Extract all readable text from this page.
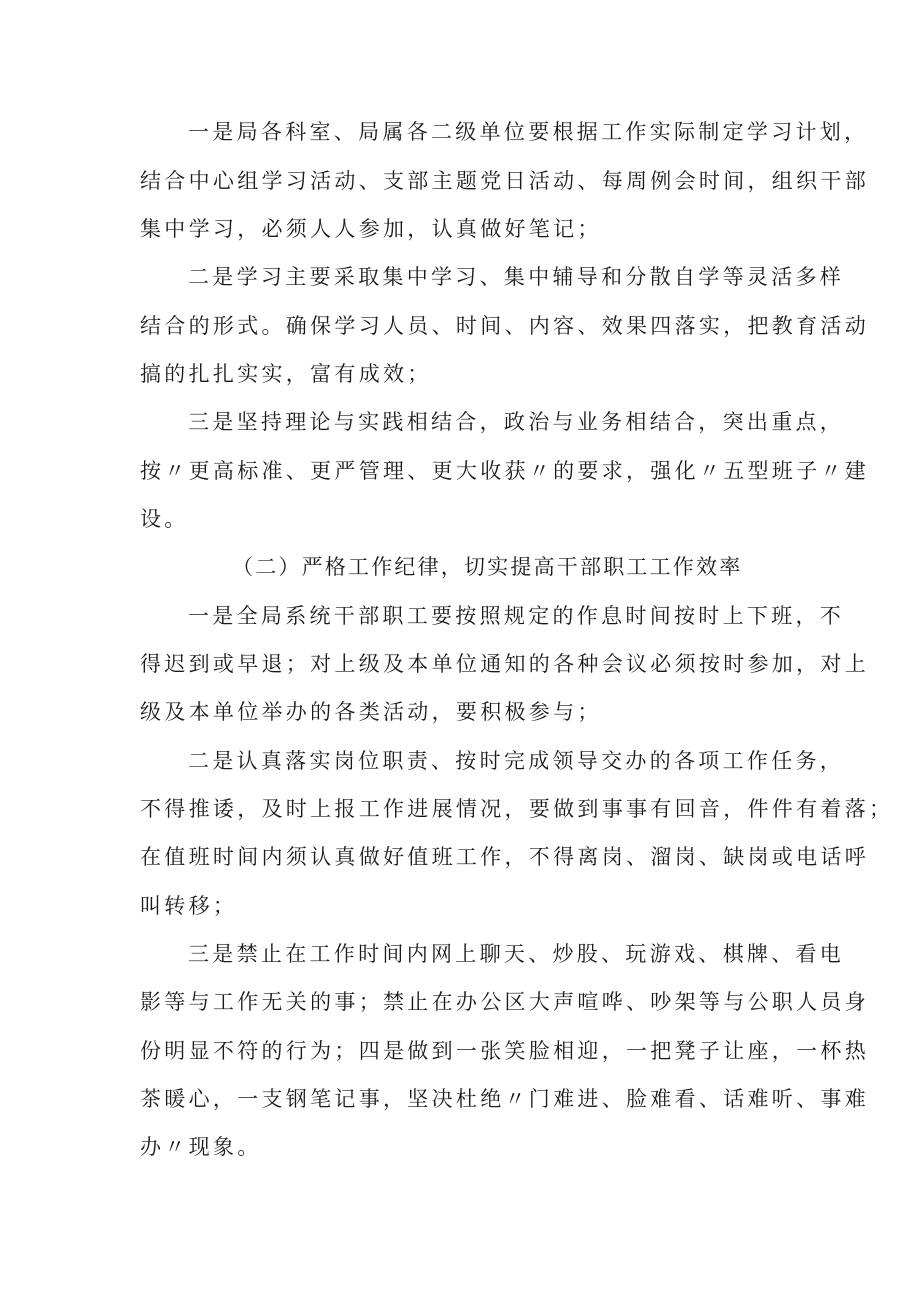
一是局各科室、局属各二级单位要根据工作实际制定学习计划，
结合中心组学习活动、支部主题党日活动、每周例会时间，组织干部
集中学习，必须人人参加，认真做好笔记；
二是学习主要采取集中学习、集中辅导和分散自学等灵活多样
结合的形式。确保学习人员、时间、内容、效果四落实，把教育活动
搞的扎扎实实，富有成效；
三是坚持理论与实践相结合，政治与业务相结合，突出重点，
按〃更高标准、更严管理、更大收获〃的要求，强化〃五型班子〃建
设。
（二）严格工作纪律，切实提高干部职工工作效率
一是全局系统干部职工要按照规定的作息时间按时上下班，不
得迟到或早退；对上级及本单位通知的各种会议必须按时参加，对上
级及本单位举办的各类活动，要积极参与；
二是认真落实岗位职责、按时完成领导交办的各项工作任务，
不得推诿，及时上报工作进展情况，要做到事事有回音，件件有着落；
在值班时间内须认真做好值班工作，不得离岗、溜岗、缺岗或电话呼
叫转移；
三是禁止在工作时间内网上聊天、炒股、玩游戏、棋牌、看电
影等与工作无关的事；禁止在办公区大声喧哗、吵架等与公职人员身
份明显不符的行为；四是做到一张笑脸相迎，一把凳子让座，一杯热
茶暖心，一支钢笔记事，坚决杜绝〃门难进、脸难看、话难听、事难
办〃现象。
